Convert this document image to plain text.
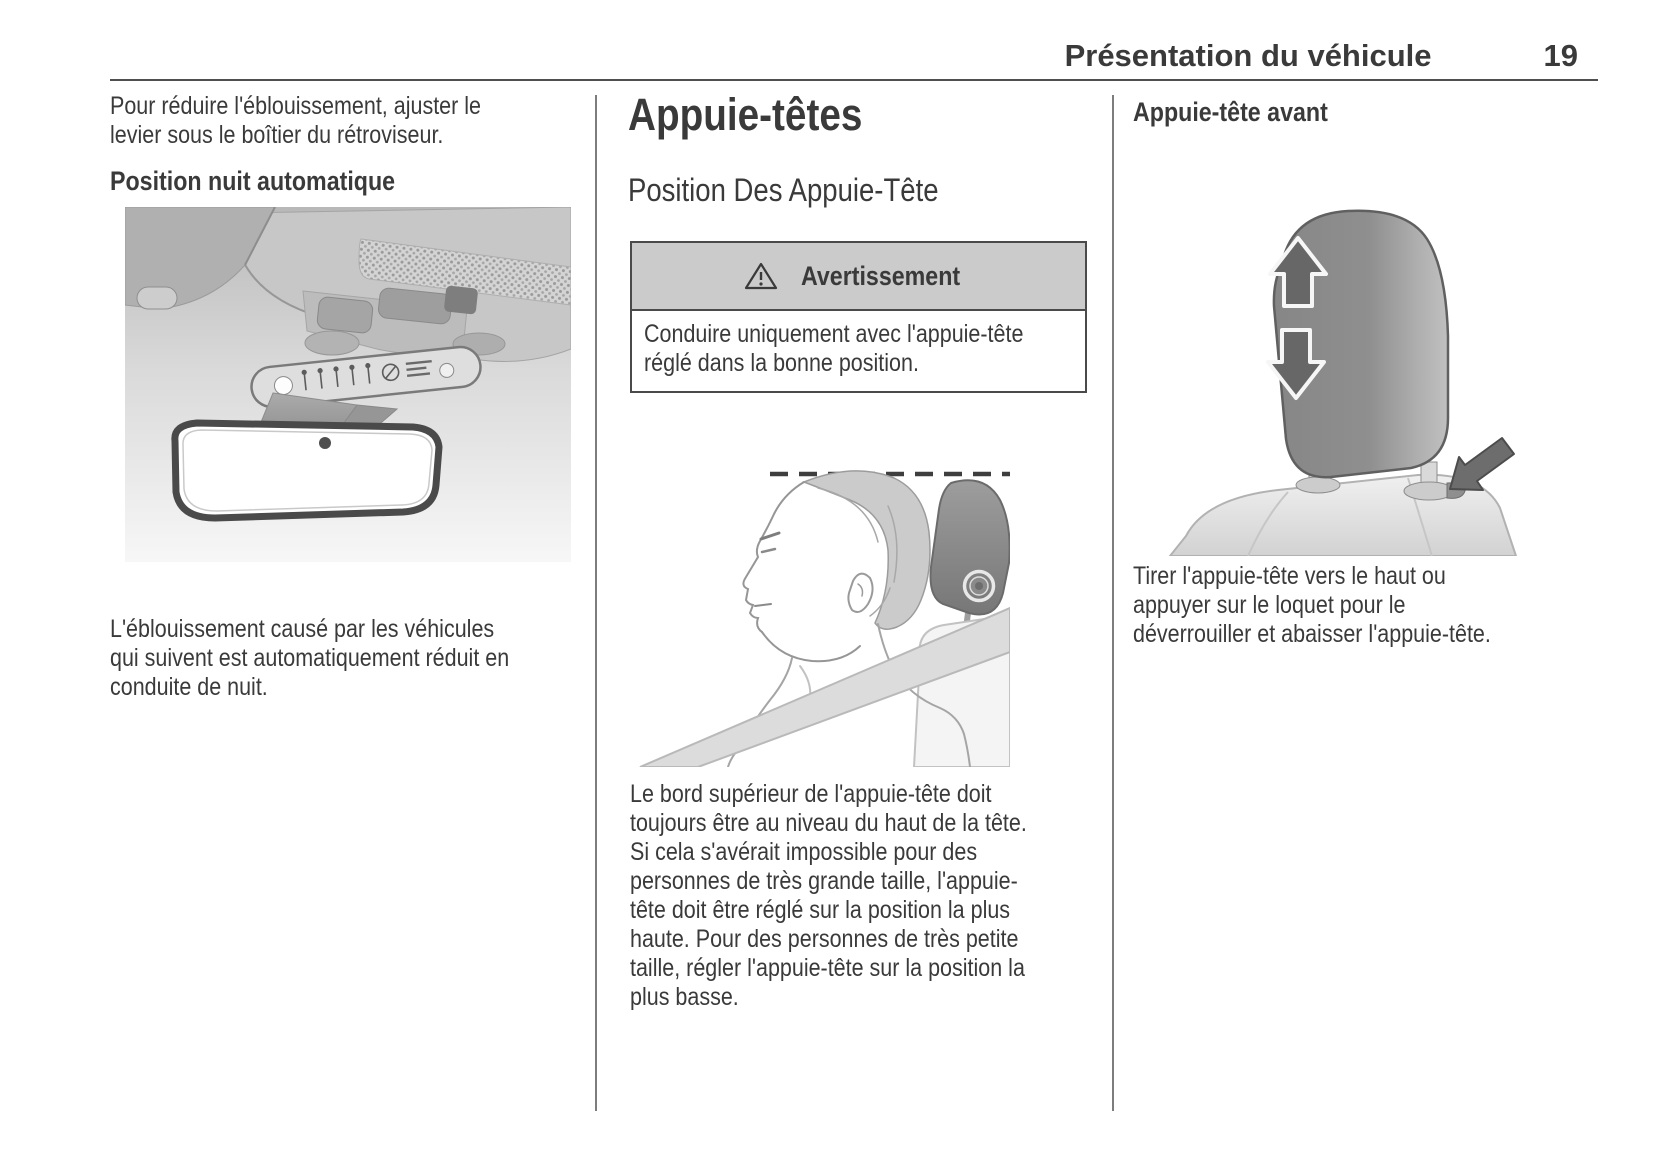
Présentation du véhicule	19
Pour réduire l'éblouissement, ajuster le levier sous le boîtier du rétroviseur.
Position nuit automatique
L'éblouissement causé par les véhicules qui suivent est automatiquement réduit en conduite de nuit.
Appuie-têtes
Position Des Appuie-Tête
Avertissement
Conduire uniquement avec l'appuie-tête réglé dans la bonne position.
Le bord supérieur de l'appuie-tête doit toujours être au niveau du haut de la tête. Si cela s'avérait impossible pour des personnes de très grande taille, l'appuie-tête doit être réglé sur la position la plus haute. Pour des personnes de très petite taille, régler l'appuie-tête sur la position la plus basse.
Appuie-tête avant
Tirer l'appuie-tête vers le haut ou appuyer sur le loquet pour le déverrouiller et abaisser l'appuie-tête.
